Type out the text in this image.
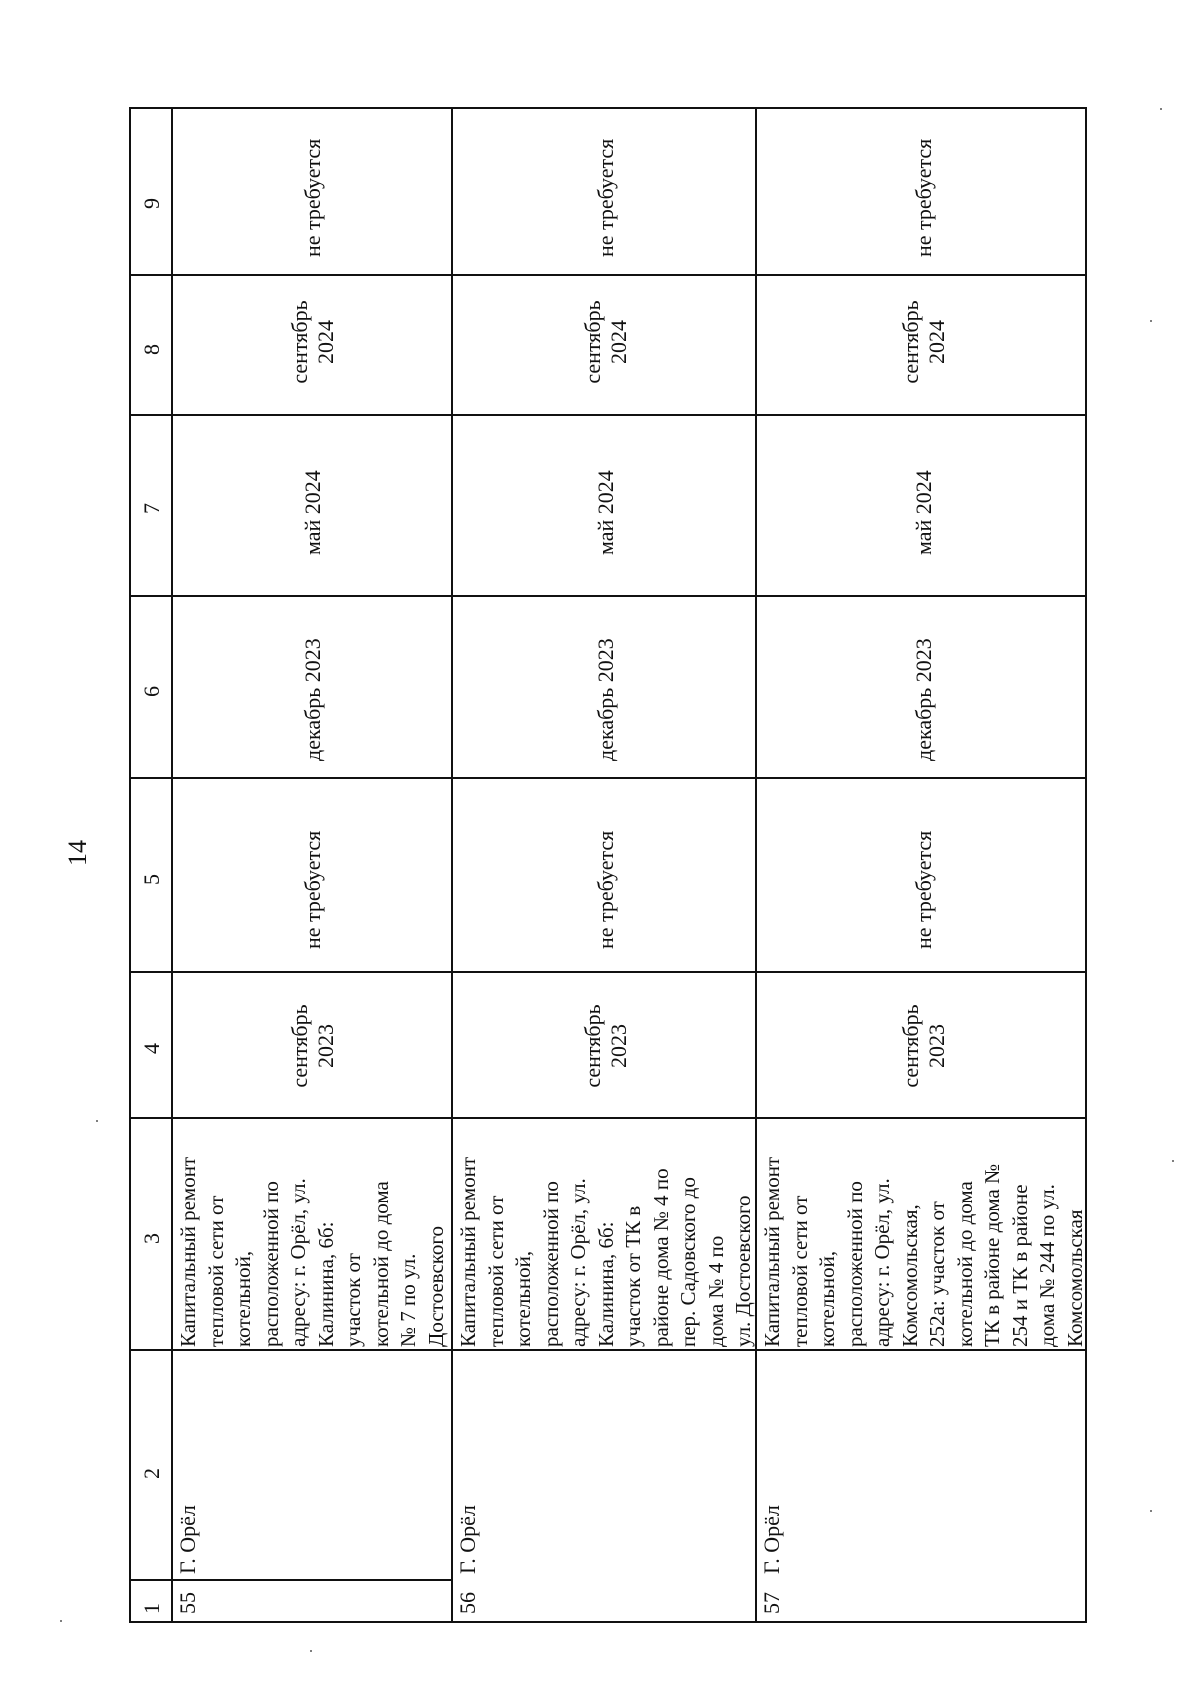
14
1
2
3
4
5
6
7
8
9
55
Г. Орёл
Капитальный ремонт тепловой сети от котельной, расположенной по адресу: г. Орёл, ул. Калинина, 6б: участок от котельной до дома № 7 по ул. Достоевского
сентябрь 2023
не требуется
декабрь 2023
май 2024
сентябрь 2024
не требуется
56
Г. Орёл
Капитальный ремонт тепловой сети от котельной, расположенной по адресу: г. Орёл, ул. Калинина, 6б: участок от ТК в районе дома № 4 по пер. Садовского до дома № 4 по ул. Достоевского
сентябрь 2023
не требуется
декабрь 2023
май 2024
сентябрь 2024
не требуется
57
Г. Орёл
Капитальный ремонт тепловой сети от котельной, расположенной по адресу: г. Орёл, ул. Комсомольская, 252а: участок от котельной до дома ТК в районе дома № 254 и ТК в районе дома № 244 по ул. Комсомольская
сентябрь 2023
не требуется
декабрь 2023
май 2024
сентябрь 2024
не требуется
